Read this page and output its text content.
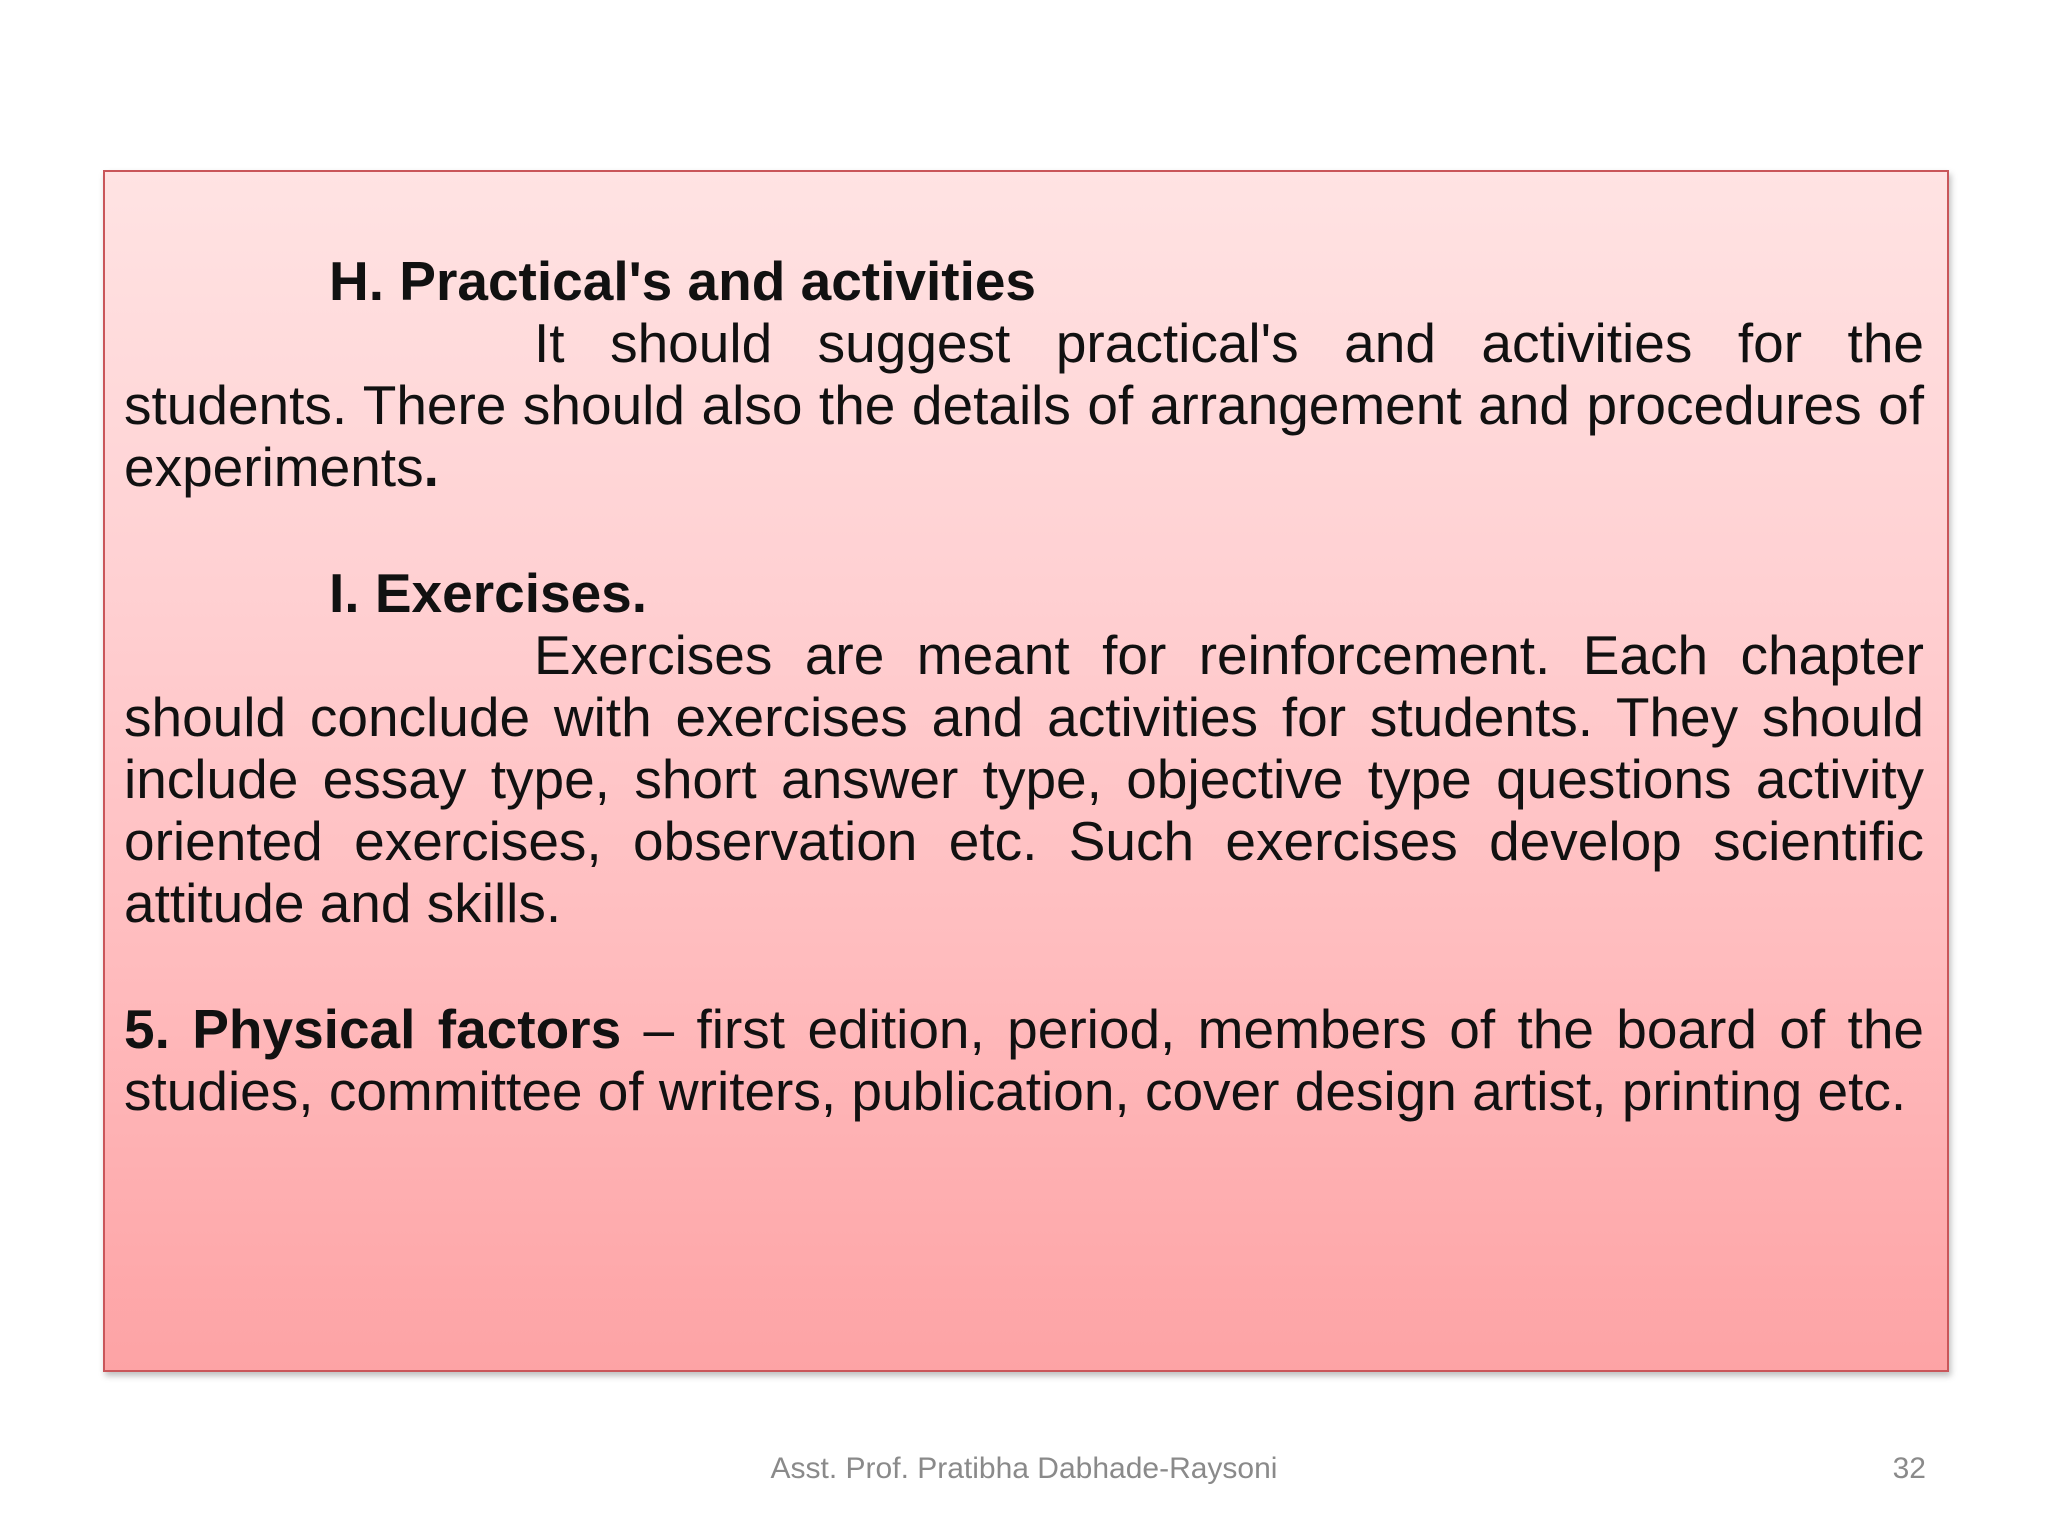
H. Practical's and activities

It should suggest practical's and activities for the students. There should also the details of arrangement and procedures of experiments.

I. Exercises.

Exercises are meant for reinforcement. Each chapter should conclude with exercises and activities for students. They should include essay type, short answer type, objective type questions activity oriented exercises, observation etc. Such exercises develop scientific attitude and skills.

5. Physical factors – first edition, period, members of the board of the studies, committee of writers, publication, cover design artist, printing etc.

Asst. Prof. Pratibha Dabhade-Raysoni	32
